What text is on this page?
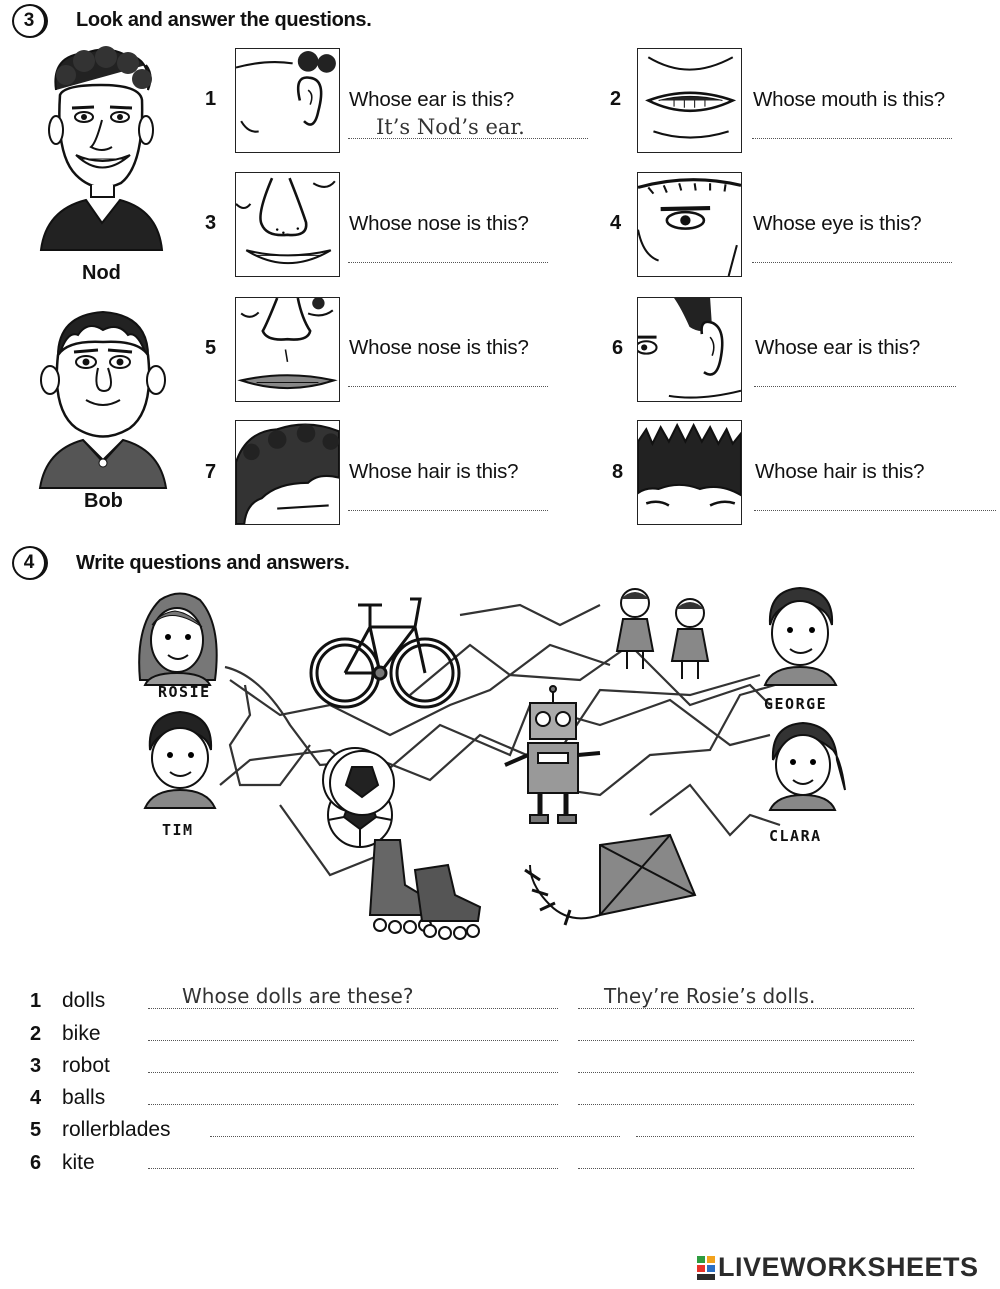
3	Look and answer the questions.
Nod
Bob
1	Whose ear is this?
It’s Nod’s ear.
3	Whose nose is this?
5	Whose nose is this?
7	Whose hair is this?
2	Whose mouth is this?
4	Whose eye is this?
6	Whose ear is this?
8	Whose hair is this?
4	Write questions and answers.
ROSIE
TIM
GEORGE
CLARA
1 dolls	Whose dolls are these?	They’re Rosie’s dolls.
2 bike
3 robot
4 balls
5 rollerblades
6 kite
LIVEWORKSHEETS
